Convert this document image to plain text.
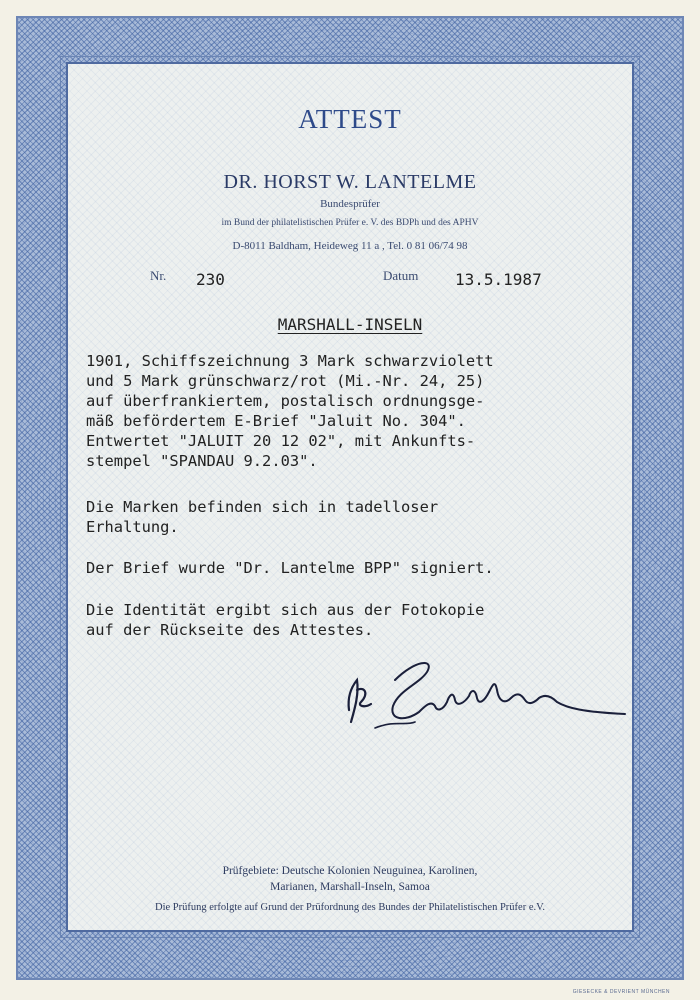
ATTEST
DR. HORST W. LANTELME
Bundesprüfer
im Bund der philatelistischen Prüfer e. V. des BDPh und des APHV
D-8011 Baldham, Heideweg 11 a , Tel. 0 81 06/74 98
Nr. 230	Datum 13.5.1987
MARSHALL-INSELN
1901, Schiffszeichnung 3 Mark schwarzviolett
und 5 Mark grünschwarz/rot (Mi.-Nr. 24, 25)
auf überfrankiertem, postalisch ordnungsge-
mäß befördertem E-Brief "Jaluit No. 304".
Entwertet "JALUIT 20 12 02", mit Ankunfts-
stempel "SPANDAU 9.2.03".
Die Marken befinden sich in tadelloser
Erhaltung.
Der Brief wurde "Dr. Lantelme BPP" signiert.
Die Identität ergibt sich aus der Fotokopie
auf der Rückseite des Attestes.
Prüfgebiete: Deutsche Kolonien Neuguinea, Karolinen,
Marianen, Marshall-Inseln, Samoa
Die Prüfung erfolgte auf Grund der Prüfordnung des Bundes der Philatelistischen Prüfer e.V.
GIESECKE & DEVRIENT MÜNCHEN
